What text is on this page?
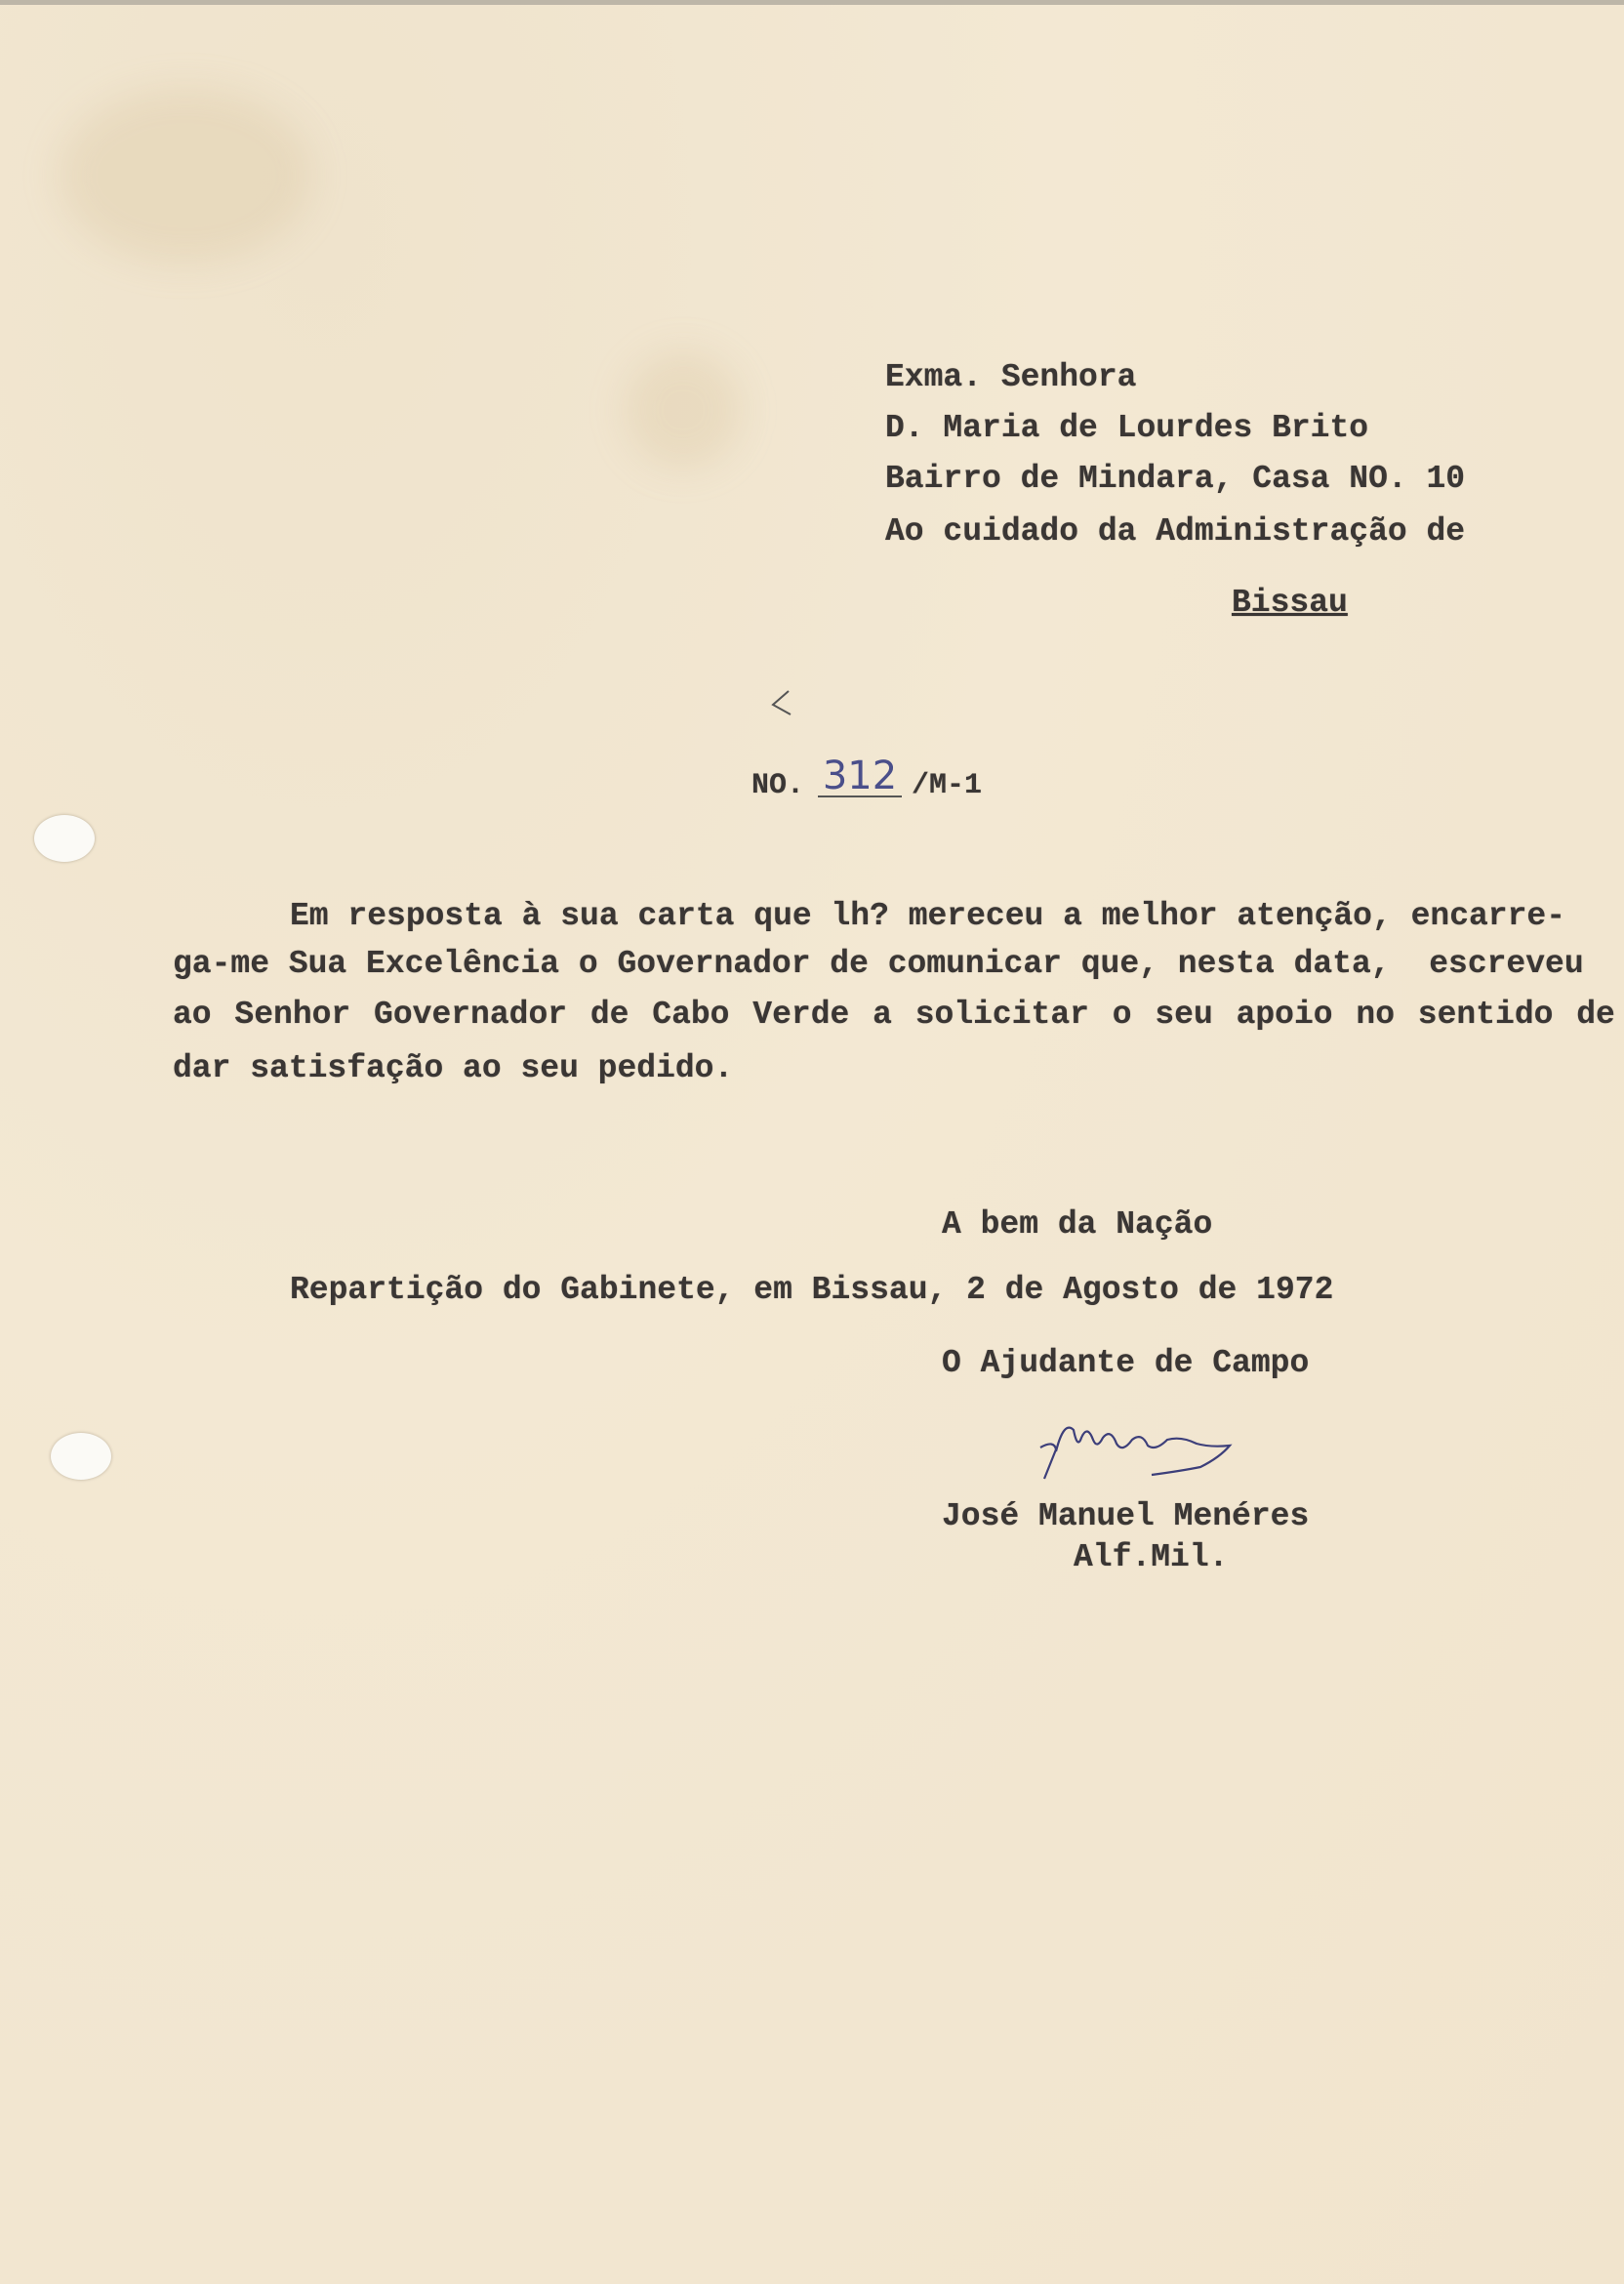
Exma. Senhora
D. Maria de Lourdes Brito
Bairro de Mindara, Casa NO. 10
Ao cuidado da Administração de
Bissau
NO. 312 /M-1
Em resposta à sua carta que lh? mereceu a melhor atenção, encarre-
ga-me Sua Excelência o Governador de comunicar que, nesta data,  escreveu
ao Senhor Governador de Cabo Verde a solicitar o seu apoio no sentido de
dar satisfação ao seu pedido.
A bem da Nação
Repartição do Gabinete, em Bissau, 2 de Agosto de 1972
O Ajudante de Campo
José Manuel Menéres
Alf.Mil.
